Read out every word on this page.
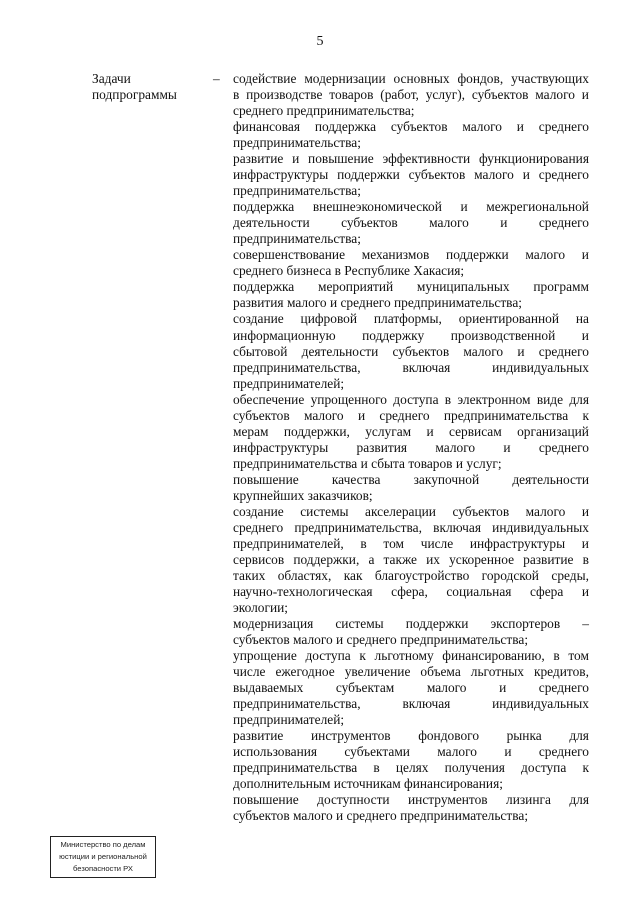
5
Задачи
подпрограммы
– содействие модернизации основных фондов, участвующих
в производстве товаров (работ, услуг), субъектов малого и
среднего предпринимательства;
финансовая поддержка субъектов малого и среднего
предпринимательства;
развитие и повышение эффективности функционирования
инфраструктуры поддержки субъектов малого и среднего
предпринимательства;
поддержка внешнеэкономической и межрегиональной
деятельности субъектов малого и среднего
предпринимательства;
совершенствование механизмов поддержки малого и
среднего бизнеса в Республике Хакасия;
поддержка мероприятий муниципальных программ
развития малого и среднего предпринимательства;
создание цифровой платформы, ориентированной на
информационную поддержку производственной и
сбытовой деятельности субъектов малого и среднего
предпринимательства,	включая	индивидуальных
предпринимателей;
обеспечение упрощенного доступа в электронном виде для
субъектов малого и среднего предпринимательства к
мерам поддержки, услугам и сервисам организаций
инфраструктуры развития малого и среднего
предпринимательства и сбыта товаров и услуг;
повышение качества закупочной деятельности
крупнейших заказчиков;
создание системы акселерации субъектов малого и
среднего предпринимательства, включая индивидуальных
предпринимателей, в том числе инфраструктуры и
сервисов поддержки, а также их ускоренное развитие в
таких областях, как благоустройство городской среды,
научно-технологическая сфера, социальная сфера и
экологии;
модернизация системы поддержки экспортеров –
субъектов малого и среднего предпринимательства;
упрощение доступа к льготному финансированию, в том
числе ежегодное увеличение объема льготных кредитов,
выдаваемых субъектам малого и среднего
предпринимательства,	включая	индивидуальных
предпринимателей;
развитие инструментов фондового рынка для
использования субъектами малого и среднего
предпринимательства в целях получения доступа к
дополнительным источникам финансирования;
повышение доступности инструментов лизинга для
субъектов малого и среднего предпринимательства;
Министерство по делам
юстиции и региональной
безопасности РХ
